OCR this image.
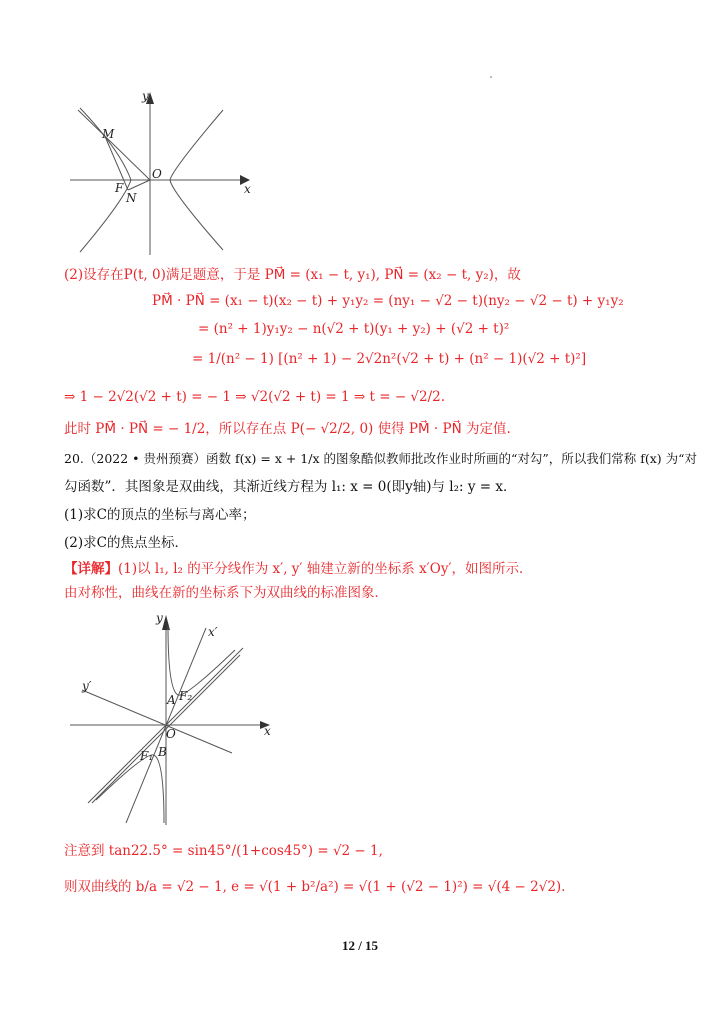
y
x
O
M
F
N
(2)设存在P(t, 0)满足题意，于是 PM⃗ = (x₁ − t, y₁), PN⃗ = (x₂ − t, y₂)，故
PM⃗ · PN⃗ = (x₁ − t)(x₂ − t) + y₁y₂ = (ny₁ − √2 − t)(ny₂ − √2 − t) + y₁y₂
= (n² + 1)y₁y₂ − n(√2 + t)(y₁ + y₂) + (√2 + t)²
= 1/(n² − 1) [(n² + 1) − 2√2n²(√2 + t) + (n² − 1)(√2 + t)²]
⇒ 1 − 2√2(√2 + t) = − 1 ⇒ √2(√2 + t) = 1 ⇒ t = − √2/2.
此时 PM⃗ · PN⃗ = − 1/2，所以存在点 P(− √2/2, 0) 使得 PM⃗ · PN⃗ 为定值.
20.（2022 • 贵州预赛）函数 f(x) = x + 1/x 的图象酷似教师批改作业时所画的“对勾”，所以我们常称 f(x) 为“对
勾函数”．其图象是双曲线，其渐近线方程为 l₁: x = 0(即y轴)与 l₂: y = x．
(1)求C的顶点的坐标与离心率；
(2)求C的焦点坐标．
【详解】(1)以 l₁, l₂ 的平分线作为 x′, y′ 轴建立新的坐标系 x′Oy′，如图所示．
由对称性，曲线在新的坐标系下为双曲线的标准图象．
y
x
x′
y′
O
A F₂
F₁ B
注意到 tan22.5° = sin45°/(1+cos45°) = √2 − 1,
则双曲线的 b/a = √2 − 1, e = √(1 + b²/a²) = √(1 + (√2 − 1)²) = √(4 − 2√2).
12 / 15
